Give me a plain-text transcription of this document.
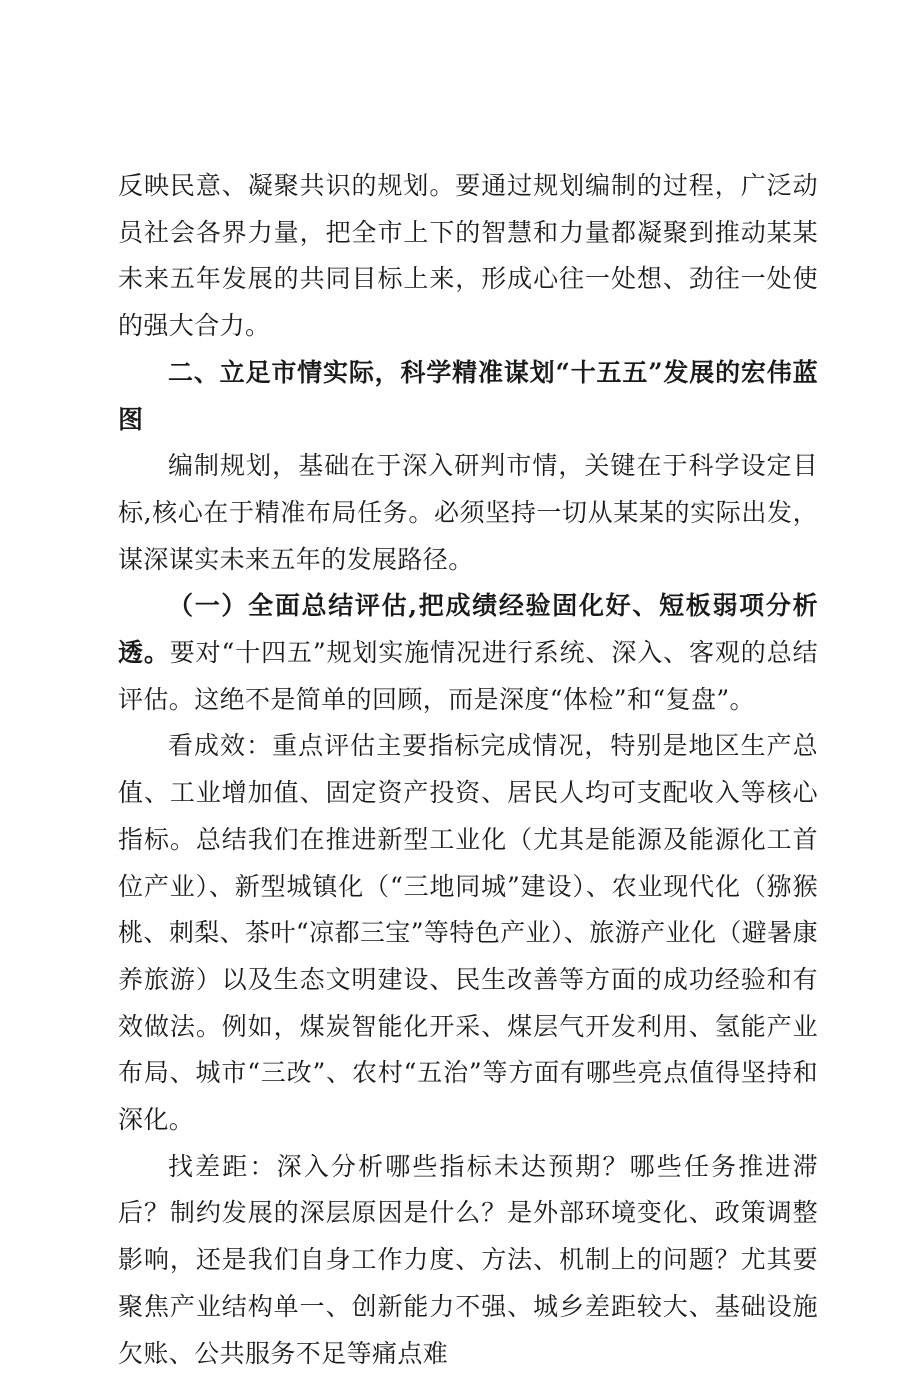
反映民意、凝聚共识的规划。要通过规划编制的过程，广泛动员社会各界力量，把全市上下的智慧和力量都凝聚到推动某某未来五年发展的共同目标上来，形成心往一处想、劲往一处使的强大合力。

二、立足市情实际，科学精准谋划“十五五”发展的宏伟蓝图

编制规划，基础在于深入研判市情，关键在于科学设定目标,核心在于精准布局任务。必须坚持一切从某某的实际出发，谋深谋实未来五年的发展路径。

（一）全面总结评估,把成绩经验固化好、短板弱项分析透。要对“十四五”规划实施情况进行系统、深入、客观的总结评估。这绝不是简单的回顾，而是深度“体检”和“复盘”。

看成效：重点评估主要指标完成情况，特别是地区生产总值、工业增加值、固定资产投资、居民人均可支配收入等核心指标。总结我们在推进新型工业化（尤其是能源及能源化工首位产业）、新型城镇化（“三地同城”建设）、农业现代化（猕猴桃、刺梨、茶叶“凉都三宝”等特色产业）、旅游产业化（避暑康养旅游）以及生态文明建设、民生改善等方面的成功经验和有效做法。例如，煤炭智能化开采、煤层气开发利用、氢能产业布局、城市“三改”、农村“五治”等方面有哪些亮点值得坚持和深化。

找差距：深入分析哪些指标未达预期？哪些任务推进滞后？制约发展的深层原因是什么？是外部环境变化、政策调整影响，还是我们自身工作力度、方法、机制上的问题？尤其要聚焦产业结构单一、创新能力不强、城乡差距较大、基础设施欠账、公共服务不足等痛点难
